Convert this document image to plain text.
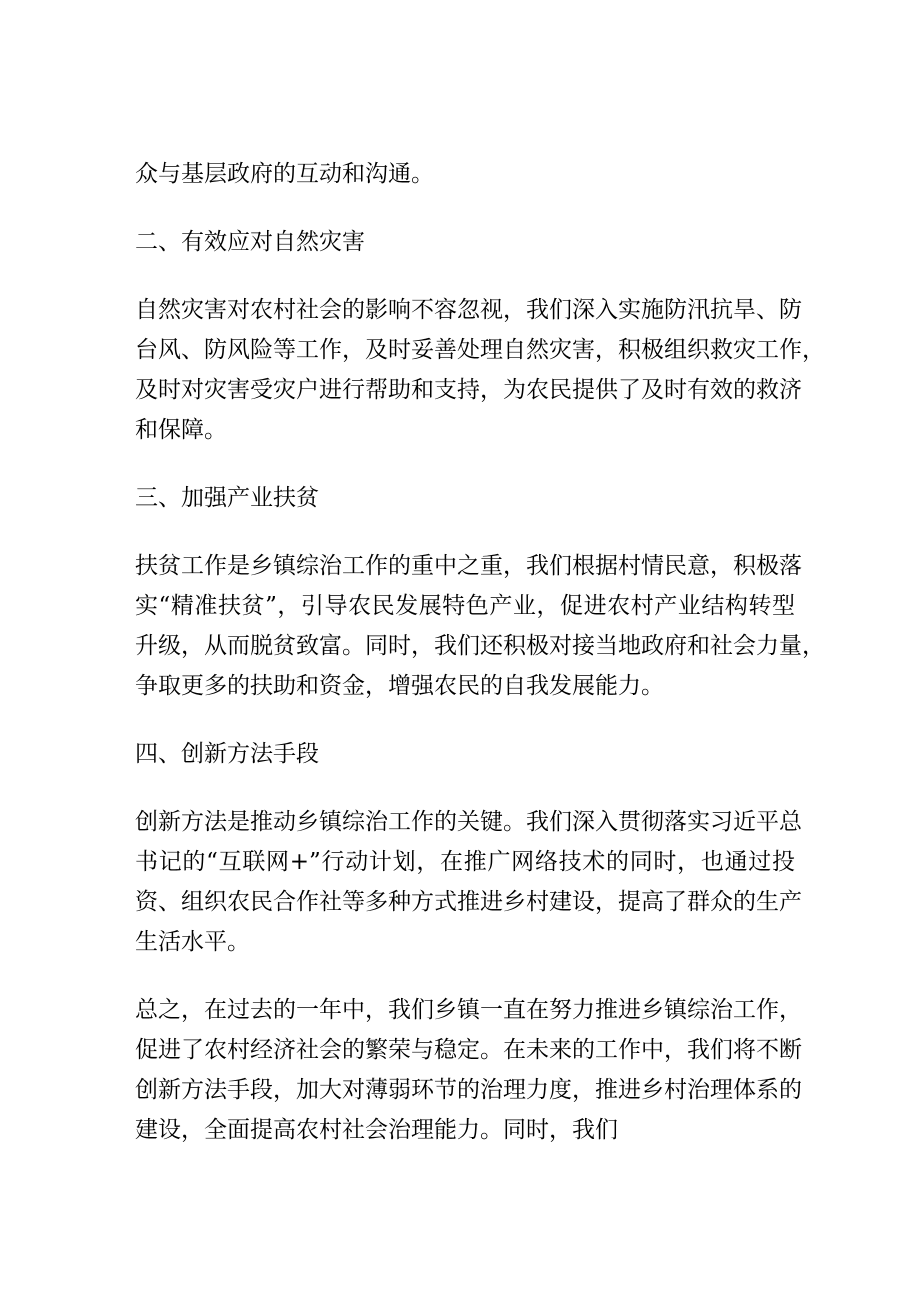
众与基层政府的互动和沟通。
二、有效应对自然灾害
自然灾害对农村社会的影响不容忽视，我们深入实施防汛抗旱、防
台风、防风险等工作，及时妥善处理自然灾害，积极组织救灾工作，
及时对灾害受灾户进行帮助和支持，为农民提供了及时有效的救济
和保障。
三、加强产业扶贫
扶贫工作是乡镇综治工作的重中之重，我们根据村情民意，积极落
实“精准扶贫”，引导农民发展特色产业，促进农村产业结构转型
升级，从而脱贫致富。同时，我们还积极对接当地政府和社会力量，
争取更多的扶助和资金，增强农民的自我发展能力。
四、创新方法手段
创新方法是推动乡镇综治工作的关键。我们深入贯彻落实习近平总
书记的“互联网+”行动计划，在推广网络技术的同时，也通过投
资、组织农民合作社等多种方式推进乡村建设，提高了群众的生产
生活水平。
总之，在过去的一年中，我们乡镇一直在努力推进乡镇综治工作，
促进了农村经济社会的繁荣与稳定。在未来的工作中，我们将不断
创新方法手段，加大对薄弱环节的治理力度，推进乡村治理体系的
建设，全面提高农村社会治理能力。同时，我们
